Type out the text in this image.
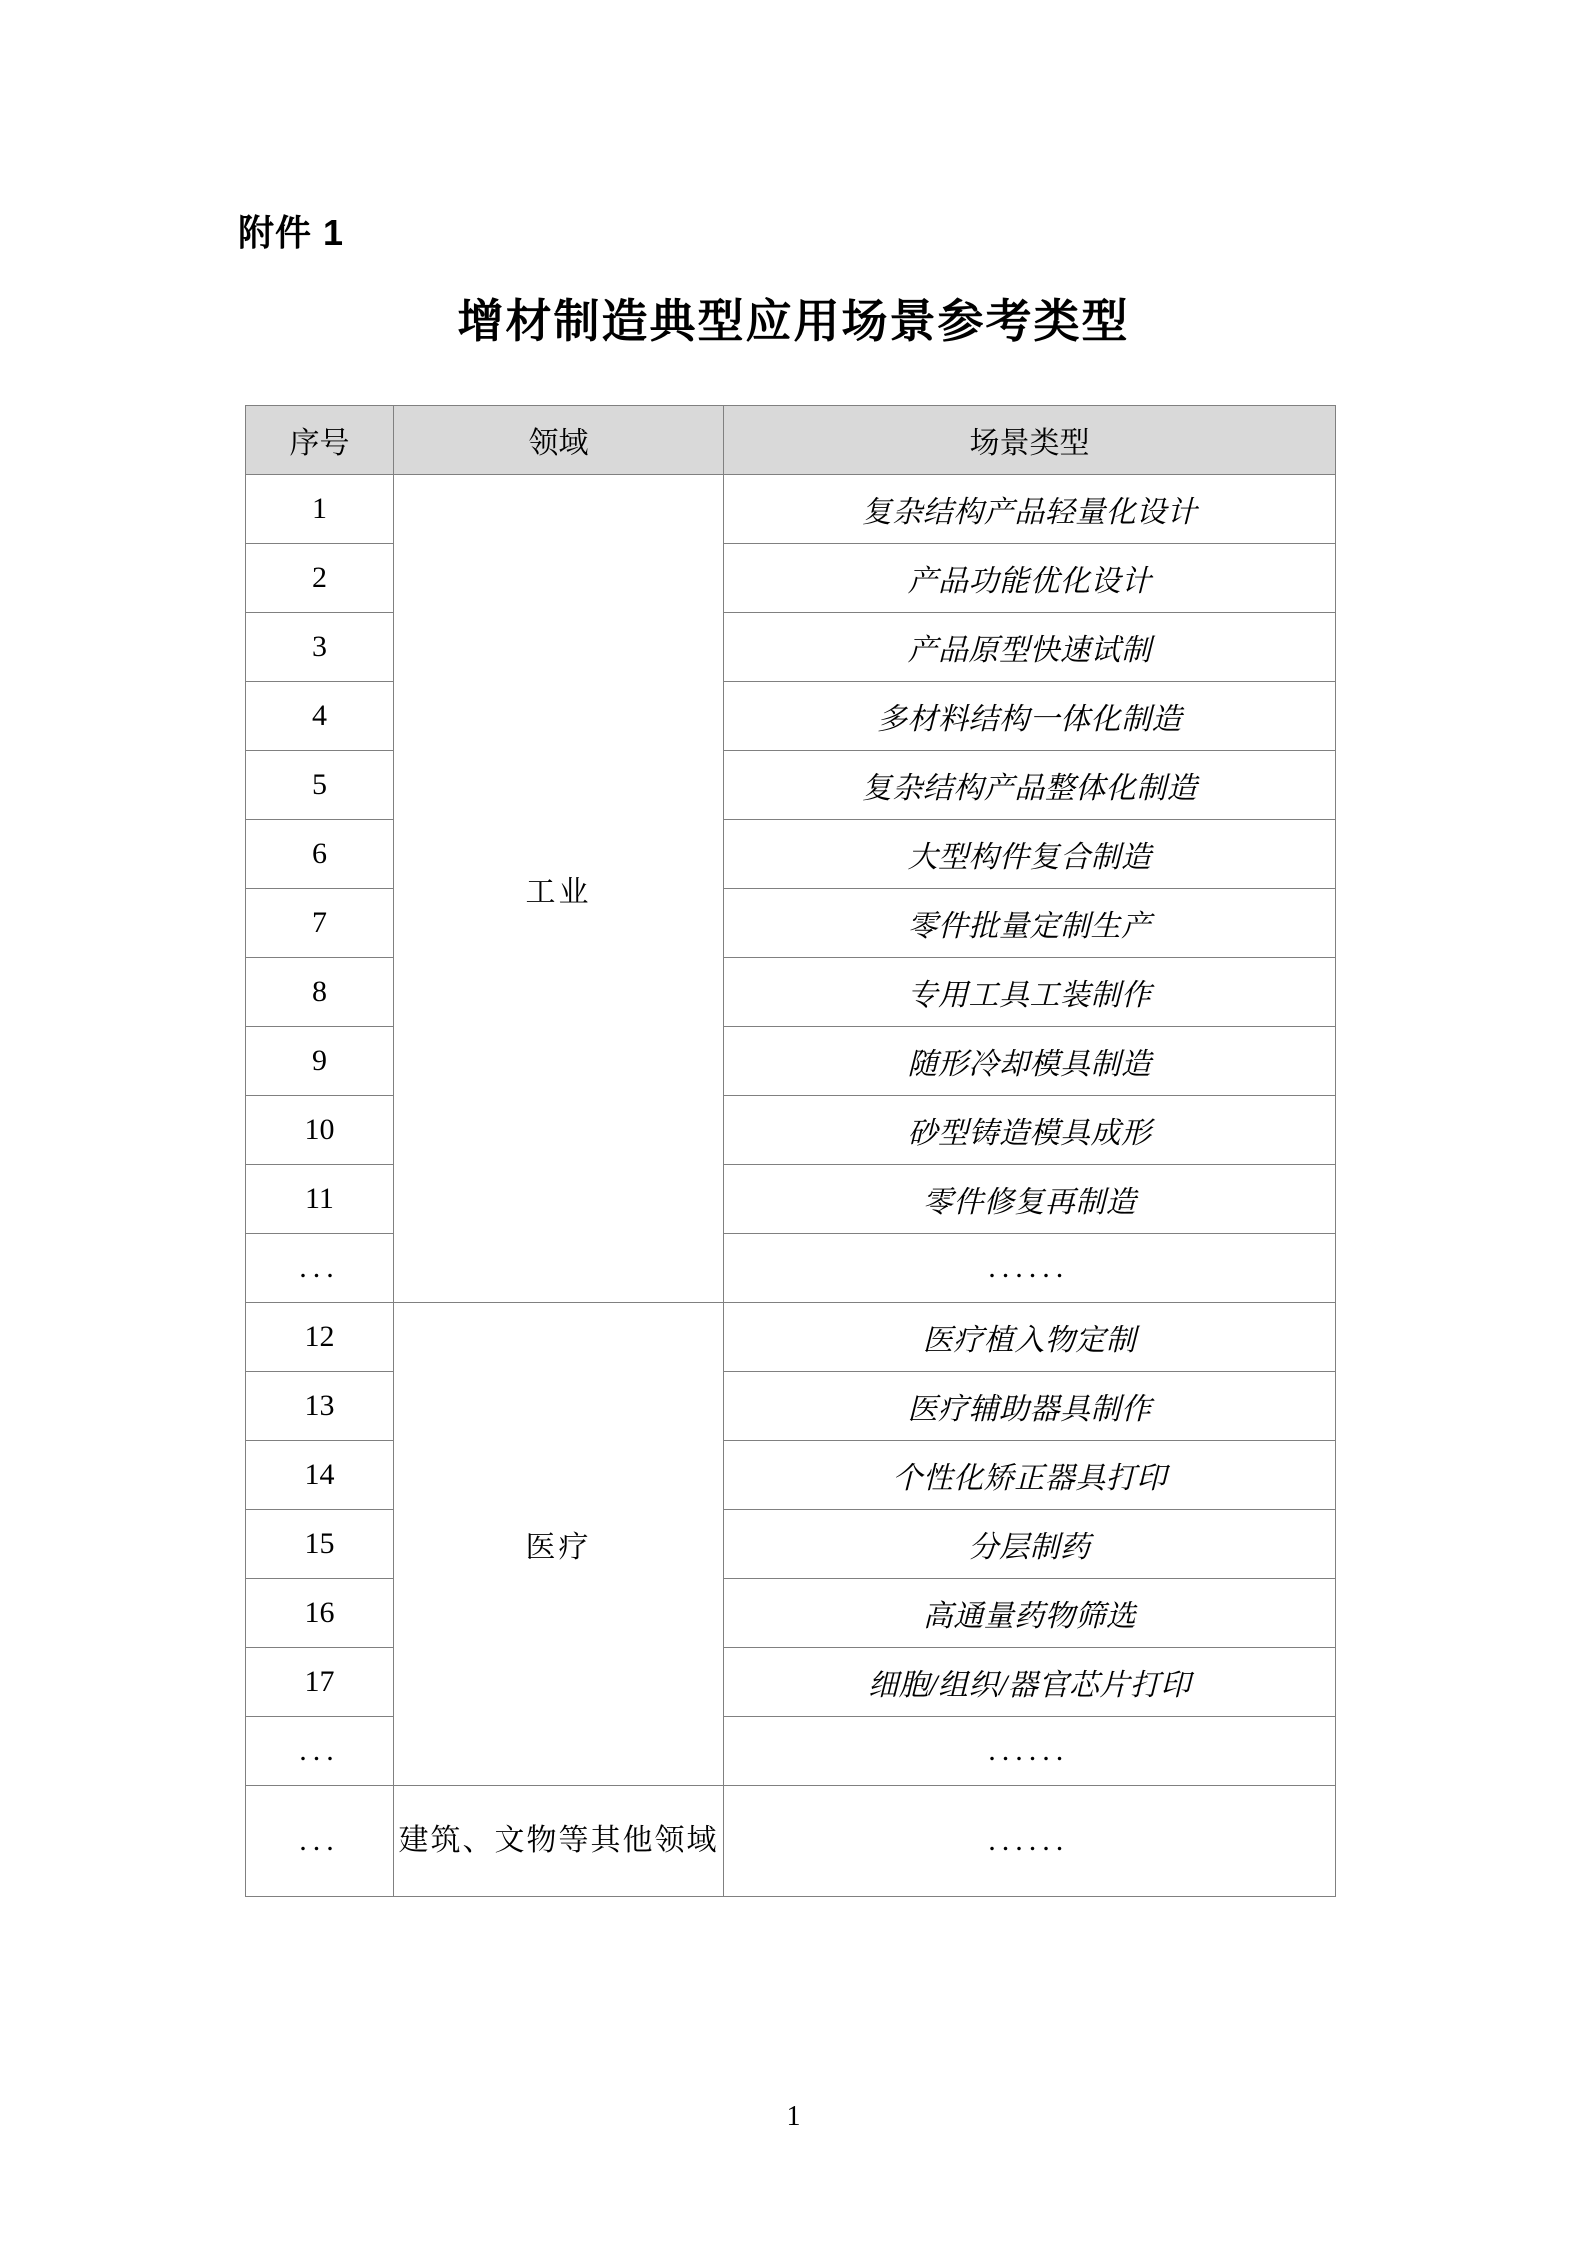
附件 1
增材制造典型应用场景参考类型
序号	领域	场景类型
1	工业	复杂结构产品轻量化设计
2		产品功能优化设计
3		产品原型快速试制
4		多材料结构一体化制造
5		复杂结构产品整体化制造
6		大型构件复合制造
7		零件批量定制生产
8		专用工具工装制作
9		随形冷却模具制造
10		砂型铸造模具成形
11		零件修复再制造
...		......
12	医疗	医疗植入物定制
13		医疗辅助器具制作
14		个性化矫正器具打印
15		分层制药
16		高通量药物筛选
17		细胞/组织/器官芯片打印
...		......
...	建筑、文物等其他领域	......
1
